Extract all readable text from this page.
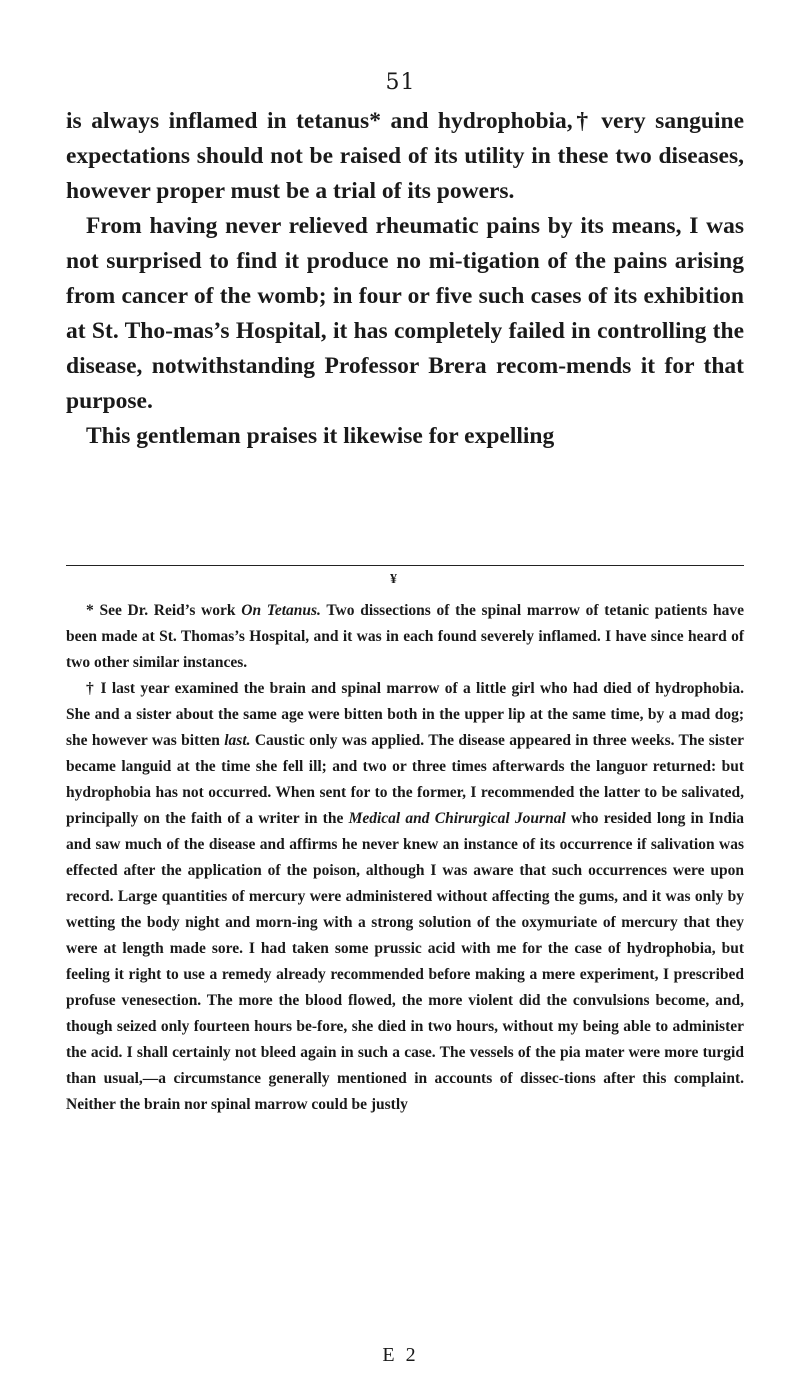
51

is always inflamed in tetanus* and hydrophobia,† very sanguine expectations should not be raised of its utility in these two diseases, however proper must be a trial of its powers.

From having never relieved rheumatic pains by its means, I was not surprised to find it produce no mi-tigation of the pains arising from cancer of the womb; in four or five such cases of its exhibition at St. Tho-mas’s Hospital, it has completely failed in controlling the disease, notwithstanding Professor Brera recom-mends it for that purpose.

This gentleman praises it likewise for expelling

¥

* See Dr. Reid’s work On Tetanus. Two dissections of the spinal marrow of tetanic patients have been made at St. Thomas’s Hospital, and it was in each found severely inflamed. I have since heard of two other similar instances.

† I last year examined the brain and spinal marrow of a little girl who had died of hydrophobia. She and a sister about the same age were bitten both in the upper lip at the same time, by a mad dog; she however was bitten last. Caustic only was applied. The disease appeared in three weeks. The sister became languid at the time she fell ill; and two or three times afterwards the languor returned: but hydrophobia has not occurred. When sent for to the former, I recommended the latter to be salivated, principally on the faith of a writer in the Medical and Chirurgical Journal who resided long in India and saw much of the disease and affirms he never knew an instance of its occurrence if salivation was effected after the application of the poison, although I was aware that such occurrences were upon record. Large quantities of mercury were administered without affecting the gums, and it was only by wetting the body night and morn-ing with a strong solution of the oxymuriate of mercury that they were at length made sore. I had taken some prussic acid with me for the case of hydrophobia, but feeling it right to use a remedy already recommended before making a mere experiment, I prescribed profuse venesection. The more the blood flowed, the more violent did the convulsions become, and, though seized only fourteen hours be-fore, she died in two hours, without my being able to administer the acid. I shall certainly not bleed again in such a case. The vessels of the pia mater were more turgid than usual,—a circumstance generally mentioned in accounts of dissec-tions after this complaint. Neither the brain nor spinal marrow could be justly

E 2
